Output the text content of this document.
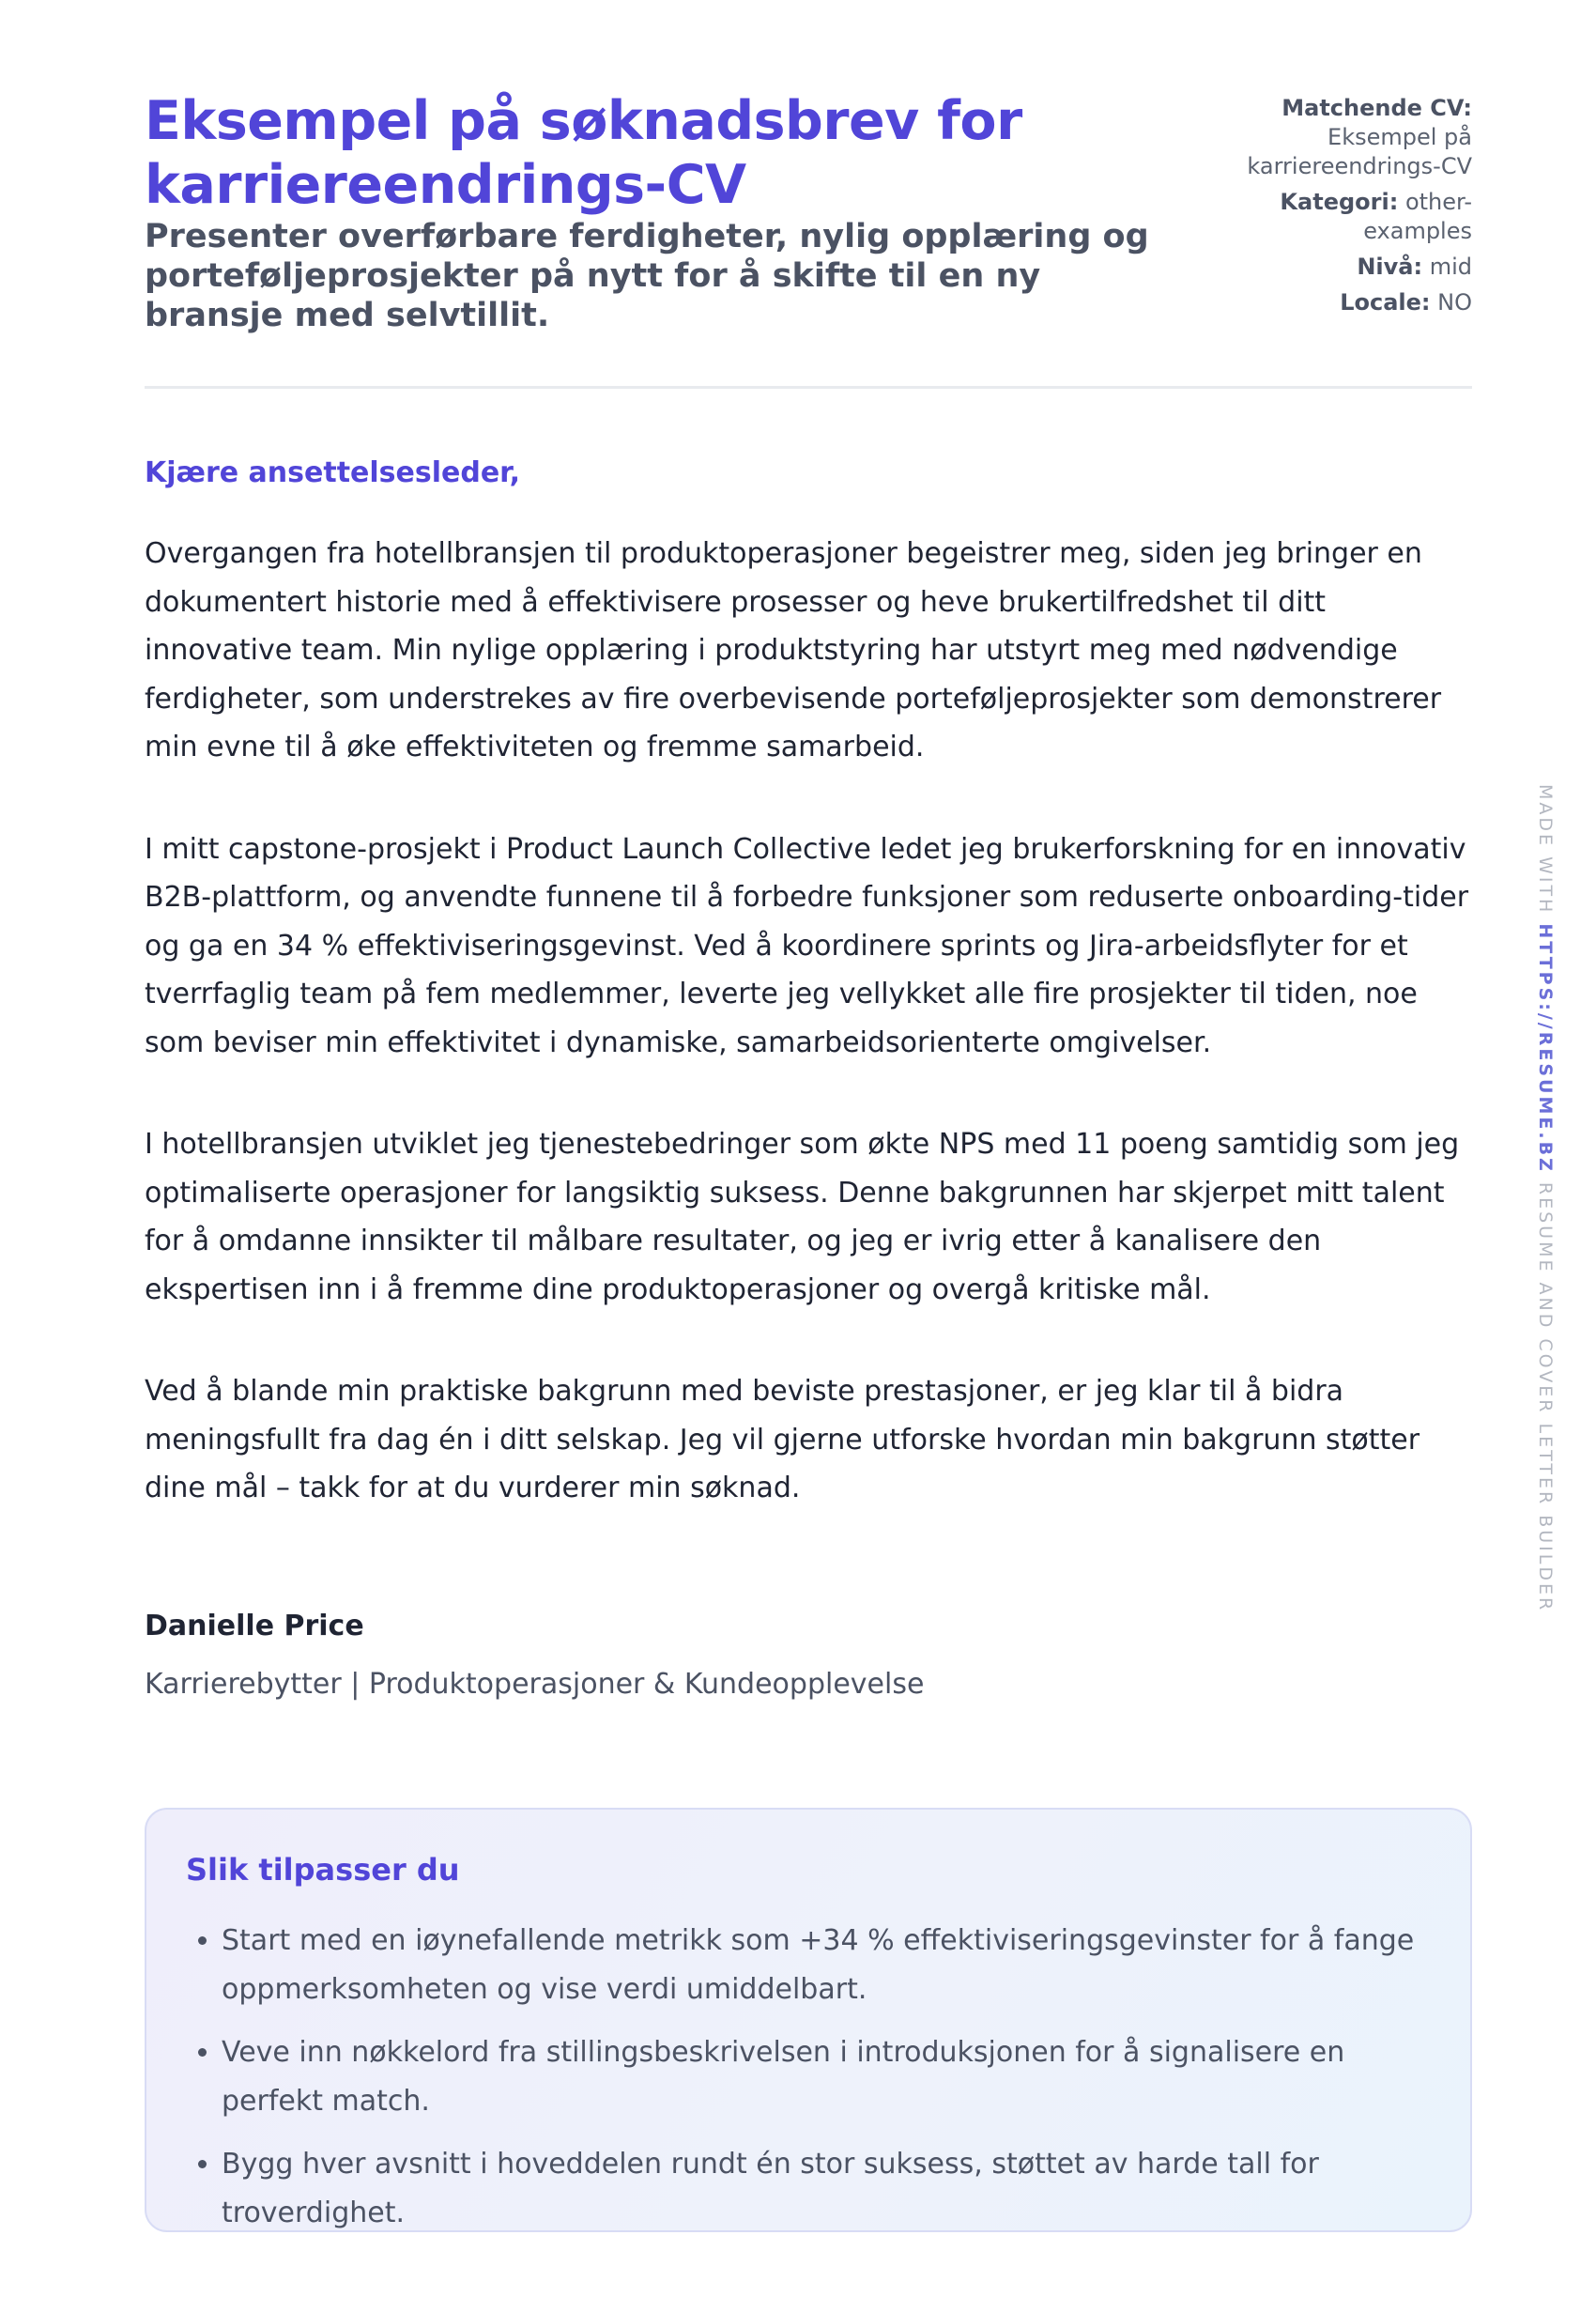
Eksempel på søknadsbrev for karriereendrings-CV

Presenter overførbare ferdigheter, nylig opplæring og porteføljeprosjekter på nytt for å skifte til en ny bransje med selvtillit.

Matchende CV: Eksempel på karriereendrings-CV
Kategori: other-examples
Nivå: mid
Locale: NO

Kjære ansettelsesleder,

Overgangen fra hotellbransjen til produktoperasjoner begeistrer meg, siden jeg bringer en dokumentert historie med å effektivisere prosesser og heve brukertilfredshet til ditt innovative team. Min nylige opplæring i produktstyring har utstyrt meg med nødvendige ferdigheter, som understrekes av fire overbevisende porteføljeprosjekter som demonstrerer min evne til å øke effektiviteten og fremme samarbeid.

I mitt capstone-prosjekt i Product Launch Collective ledet jeg brukerforskning for en innovativ B2B-plattform, og anvendte funnene til å forbedre funksjoner som reduserte onboarding-tider og ga en 34 % effektiviseringsgevinst. Ved å koordinere sprints og Jira-arbeidsflyter for et tverrfaglig team på fem medlemmer, leverte jeg vellykket alle fire prosjekter til tiden, noe som beviser min effektivitet i dynamiske, samarbeidsorienterte omgivelser.

I hotellbransjen utviklet jeg tjenestebedringer som økte NPS med 11 poeng samtidig som jeg optimaliserte operasjoner for langsiktig suksess. Denne bakgrunnen har skjerpet mitt talent for å omdanne innsikter til målbare resultater, og jeg er ivrig etter å kanalisere den ekspertisen inn i å fremme dine produktoperasjoner og overgå kritiske mål.

Ved å blande min praktiske bakgrunn med beviste prestasjoner, er jeg klar til å bidra meningsfullt fra dag én i ditt selskap. Jeg vil gjerne utforske hvordan min bakgrunn støtter dine mål – takk for at du vurderer min søknad.

Danielle Price
Karrierebytter | Produktoperasjoner & Kundeopplevelse
Slik tilpasser du
• Start med en iøynefallende metrikk som +34 % effektiviseringsgevinster for å fange oppmerksomheten og vise verdi umiddelbart.
• Veve inn nøkkelord fra stillingsbeskrivelsen i introduksjonen for å signalisere en perfekt match.
• Bygg hver avsnitt i hoveddelen rundt én stor suksess, støttet av harde tall for troverdighet.
MADE WITH HTTPS://RESUME.BZ RESUME AND COVER LETTER BUILDER
